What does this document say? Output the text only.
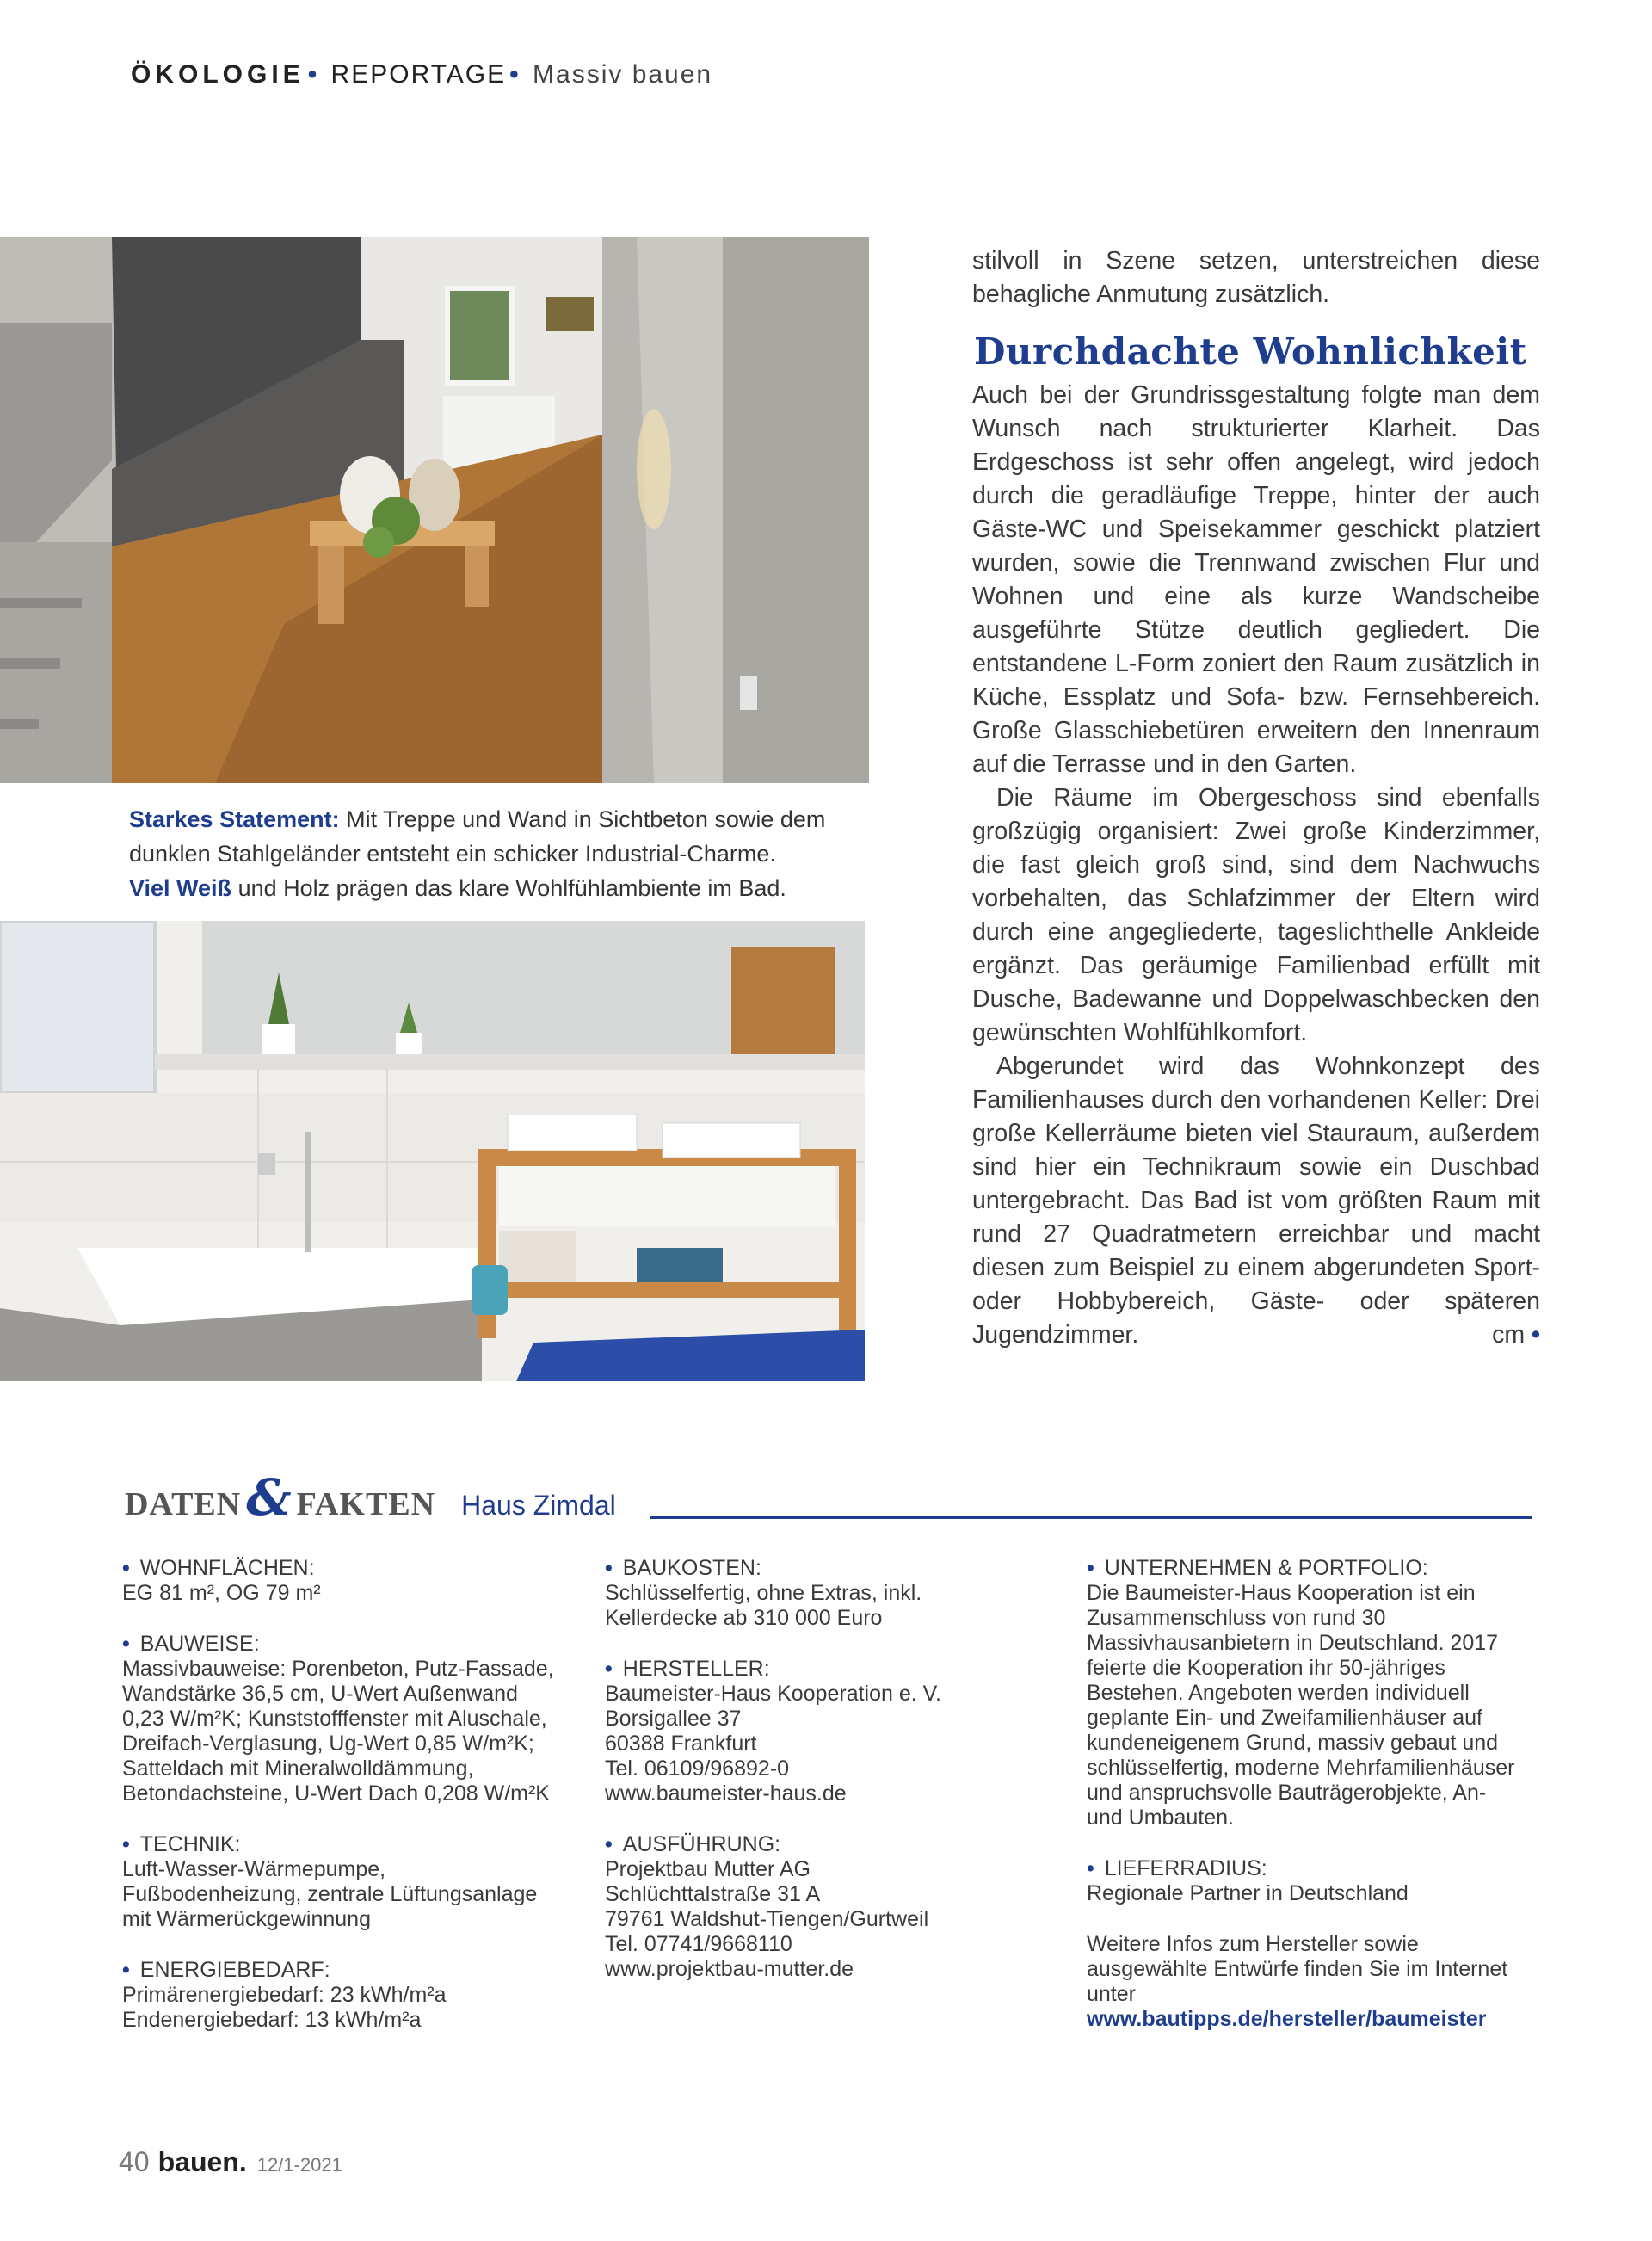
ÖKOLOGIE • REPORTAGE • Massiv bauen
Starkes Statement: Mit Treppe und Wand in Sichtbeton sowie dem dunklen Stahlgeländer entsteht ein schicker Industrial-Charme.
Viel Weiß und Holz prägen das klare Wohlfühlambiente im Bad.

stilvoll in Szene setzen, unterstreichen diese behagliche Anmutung zusätzlich.

Durchdachte Wohnlichkeit

Auch bei der Grundrissgestaltung folgte man dem Wunsch nach strukturierter Klarheit. Das Erdgeschoss ist sehr offen angelegt, wird jedoch durch die geradläufige Treppe, hinter der auch Gäste-WC und Speisekammer geschickt platziert wurden, sowie die Trennwand zwischen Flur und Wohnen und eine als kurze Wandscheibe ausgeführte Stütze deutlich gegliedert. Die entstandene L-Form zoniert den Raum zusätzlich in Küche, Essplatz und Sofa- bzw. Fernsehbereich. Große Glasschiebetüren erweitern den Innenraum auf die Terrasse und in den Garten.

Die Räume im Obergeschoss sind ebenfalls großzügig organisiert: Zwei große Kinderzimmer, die fast gleich groß sind, sind dem Nachwuchs vorbehalten, das Schlafzimmer der Eltern wird durch eine angegliederte, tageslichthelle Ankleide ergänzt. Das geräumige Familienbad erfüllt mit Dusche, Badewanne und Doppelwaschbecken den gewünschten Wohlfühlkomfort.

Abgerundet wird das Wohnkonzept des Familienhauses durch den vorhandenen Keller: Drei große Kellerräume bieten viel Stauraum, außerdem sind hier ein Technikraum sowie ein Duschbad untergebracht. Das Bad ist vom größten Raum mit rund 27 Quadratmetern erreichbar und macht diesen zum Beispiel zu einem abgerundeten Sport- oder Hobbybereich, Gäste- oder späteren Jugendzimmer.	cm •

DATEN & FAKTEN Haus Zimdal
• WOHNFLÄCHEN:
EG 81 m², OG 79 m²
• BAUWEISE:
Massivbauweise: Porenbeton, Putz-Fassade, Wandstärke 36,5 cm, U-Wert Außenwand 0,23 W/m²K; Kunststofffenster mit Aluschale, Dreifach-Verglasung, Ug-Wert 0,85 W/m²K; Satteldach mit Mineralwolldämmung, Betondachsteine, U-Wert Dach 0,208 W/m²K
• TECHNIK:
Luft-Wasser-Wärmepumpe, Fußbodenheizung, zentrale Lüftungsanlage mit Wärmerückgewinnung
• ENERGIEBEDARF:
Primärenergiebedarf: 23 kWh/m²a
Endenergiebedarf: 13 kWh/m²a
• BAUKOSTEN:
Schlüsselfertig, ohne Extras, inkl. Kellerdecke ab 310 000 Euro
• HERSTELLER:
Baumeister-Haus Kooperation e. V.
Borsigallee 37
60388 Frankfurt
Tel. 06109/96892-0
www.baumeister-haus.de
• AUSFÜHRUNG:
Projektbau Mutter AG
Schlüchttalstraße 31 A
79761 Waldshut-Tiengen/Gurtweil
Tel. 07741/9668110
www.projektbau-mutter.de
• UNTERNEHMEN & PORTFOLIO:
Die Baumeister-Haus Kooperation ist ein Zusammenschluss von rund 30 Massivhausanbietern in Deutschland. 2017 feierte die Kooperation ihr 50-jähriges Bestehen. Angeboten werden individuell geplante Ein- und Zweifamilienhäuser auf kundeneigenem Grund, massiv gebaut und schlüsselfertig, moderne Mehrfamilienhäuser und anspruchsvolle Bauträgerobjekte, An- und Umbauten.
• LIEFERRADIUS:
Regionale Partner in Deutschland
Weitere Infos zum Hersteller sowie ausgewählte Entwürfe finden Sie im Internet unter www.bautipps.de/hersteller/baumeister
40 bauen. 12/1-2021
